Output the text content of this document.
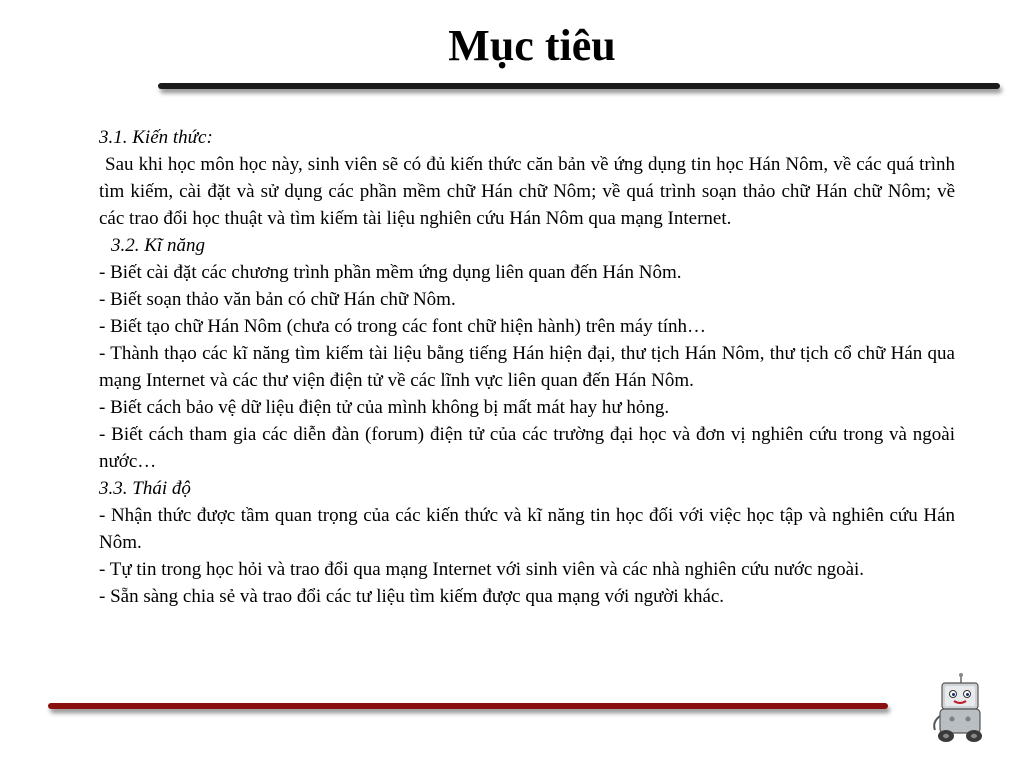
Mục tiêu

3.1. Kiến thức:

Sau khi học môn học này, sinh viên sẽ có đủ kiến thức căn bản về ứng dụng tin học Hán Nôm, về các quá trình tìm kiếm, cài đặt và sử dụng các phần mềm chữ Hán chữ Nôm; về quá trình soạn thảo chữ Hán chữ Nôm; về các trao đổi học thuật và tìm kiếm tài liệu nghiên cứu Hán Nôm qua mạng Internet.

3.2. Kĩ năng

- Biết cài đặt các chương trình phần mềm ứng dụng liên quan đến Hán Nôm.

- Biết soạn thảo văn bản có chữ Hán chữ Nôm.

- Biết tạo chữ Hán Nôm (chưa có trong các font chữ hiện hành) trên máy tính…

- Thành thạo các kĩ năng tìm kiếm tài liệu bằng tiếng Hán hiện đại, thư tịch Hán Nôm, thư tịch cổ chữ Hán qua mạng Internet và các thư viện điện tử về các lĩnh vực liên quan đến Hán Nôm.

- Biết cách bảo vệ dữ liệu điện tử của mình không bị mất mát hay hư hỏng.

- Biết cách tham gia các diễn đàn (forum) điện tử của các trường đại học và đơn vị nghiên cứu trong và ngoài nước…

3.3. Thái độ

- Nhận thức được tầm quan trọng của các kiến thức và kĩ năng tin học đối với việc học tập và nghiên cứu Hán Nôm.

- Tự tin trong học hỏi và trao đổi qua mạng Internet với sinh viên và các nhà nghiên cứu nước ngoài.

- Sẵn sàng chia sẻ và trao đổi các tư liệu tìm kiếm được qua mạng với người khác.
